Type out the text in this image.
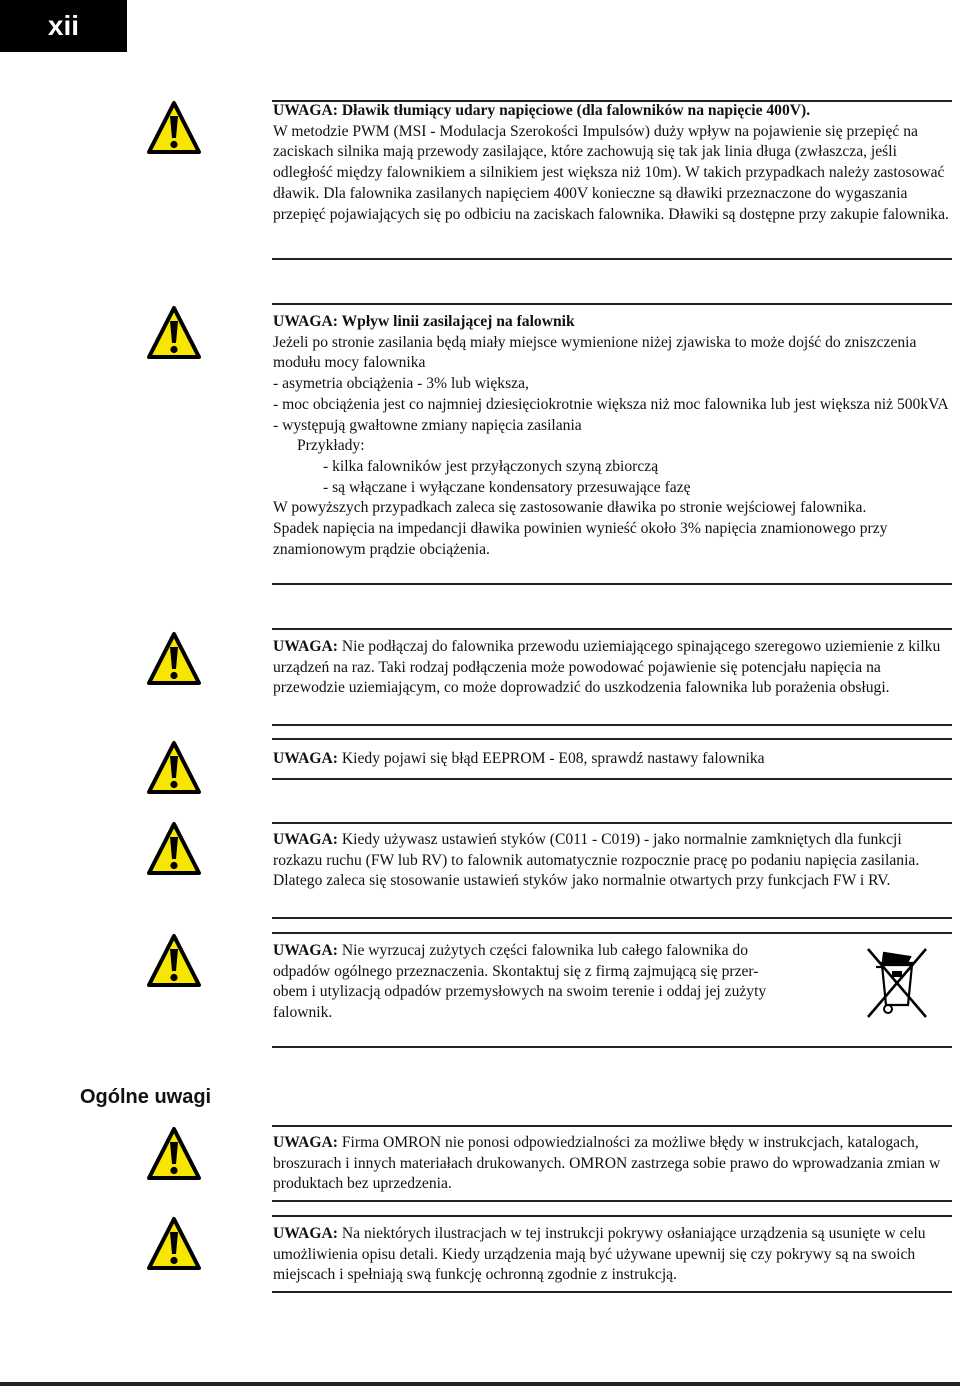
xii

UWAGA: Dławik tłumiący udary napięciowe (dla falowników na napięcie 400V).
W metodzie PWM (MSI - Modulacja Szerokości Impulsów) duży wpływ na pojawienie się przepięć na zaciskach silnika mają przewody zasilające, które zachowują się tak jak linia długa (zwłaszcza, jeśli odległość między falownikiem a silnikiem jest większa niż 10m). W takich przypadkach należy zastosować dławik. Dla falownika zasilanych napięciem 400V konieczne są dławiki przeznaczone do wygaszania przepięć pojawiających się po odbiciu na zaciskach falownika. Dławiki są dostępne przy zakupie falownika.

UWAGA: Wpływ linii zasilającej na falownik

Jeżeli po stronie zasilania będą miały miejsce wymienione niżej zjawiska to może dojść do zniszczenia modułu mocy falownika

- asymetria obciążenia - 3% lub większa,

- moc obciążenia jest co najmniej dziesięciokrotnie większa niż moc falownika lub jest większa niż 500kVA

- występują gwałtowne zmiany napięcia zasilania

Przykłady:

- kilka falowników jest przyłączonych szyną zbiorczą

- są włączane i wyłączane kondensatory przesuwające fazę

W powyższych przypadkach zaleca się zastosowanie dławika po stronie wejściowej falownika.

Spadek napięcia na impedancji dławika powinien wynieść około 3% napięcia znamionowego przy znamionowym prądzie obciążenia.

UWAGA: Nie podłączaj do falownika przewodu uziemiającego spinającego szeregowo uziemienie z kilku urządzeń na raz. Taki rodzaj podłączenia może powodować pojawienie się potencjału napięcia na przewodzie uziemiającym, co może doprowadzić do uszkodzenia falownika lub porażenia obsługi.

UWAGA: Kiedy pojawi się błąd EEPROM - E08, sprawdź nastawy falownika

UWAGA: Kiedy używasz ustawień styków (C011 - C019) - jako normalnie zamkniętych dla funkcji rozkazu ruchu (FW lub RV) to falownik automatycznie rozpocznie pracę po podaniu napięcia zasilania. Dlatego zaleca się stosowanie ustawień styków jako normalnie otwartych przy funkcjach FW i RV.

UWAGA: Nie wyrzucaj zużytych części falownika lub całego falownika do

odpadów ogólnego przeznaczenia. Skontaktuj się z firmą zajmującą się przer-

obem i utylizacją odpadów przemysłowych na swoim terenie i oddaj jej zużyty

falownik.

Ogólne uwagi

UWAGA: Firma OMRON nie ponosi odpowiedzialności za możliwe błędy w instrukcjach, katalogach, broszurach i innych materiałach drukowanych. OMRON zastrzega sobie prawo do wprowadzania zmian w produktach bez uprzedzenia.

UWAGA: Na niektórych ilustracjach w tej instrukcji pokrywy osłaniające urządzenia są usunięte w celu umożliwienia opisu detali. Kiedy urządzenia mają być używane upewnij się czy pokrywy są na swoich miejscach i spełniają swą funkcję ochronną zgodnie z instrukcją.
